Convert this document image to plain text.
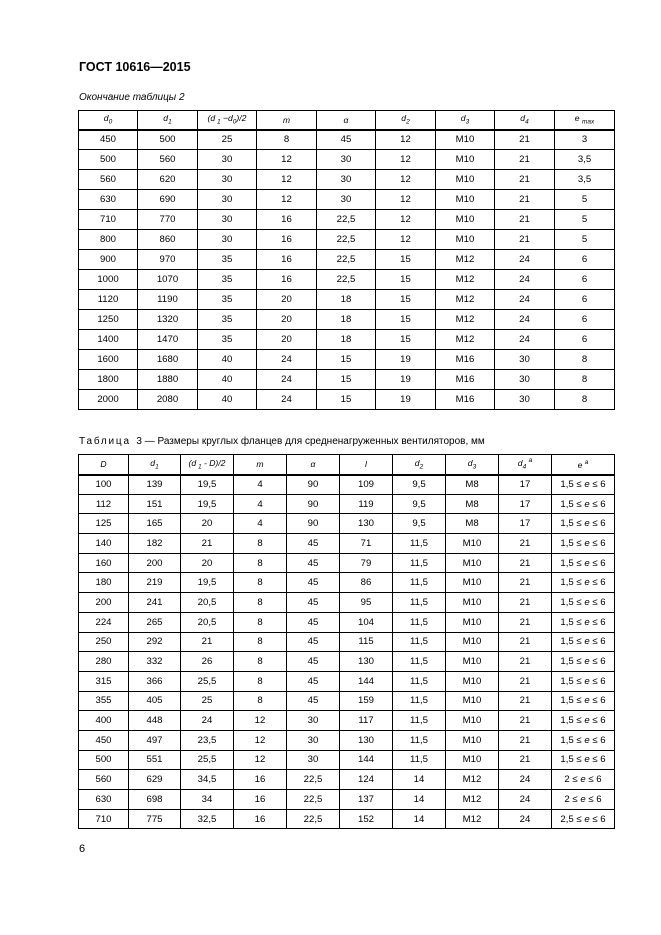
ГОСТ 10616—2015
Окончание таблицы 2
$d_0$	$d_1$	(d $_1 -d_0)/2$	m	α	$d_2$	$d_3$	$d_4$	e $_{max}$
450	500	25	8	45	12	M10	21	3
500	560	30	12	30	12	M10	21	3,5
560	620	30	12	30	12	M10	21	3,5
630	690	30	12	30	12	M10	21	5
710	770	30	16	22,5	12	M10	21	5
800	860	30	16	22,5	12	M10	21	5
900	970	35	16	22,5	15	M12	24	6
1000	1070	35	16	22,5	15	M12	24	6
1120	1190	35	20	18	15	M12	24	6
1250	1320	35	20	18	15	M12	24	6
1400	1470	35	20	18	15	M12	24	6
1600	1680	40	24	15	19	M16	30	8
1800	1880	40	24	15	19	M16	30	8
2000	2080	40	24	15	19	M16	30	8
Таблица 3 — Размеры круглых фланцев для средненагруженных вентиляторов, мм
D	$d_1$	(d $_1$ - D)/2	m	α	l	$d_2$	$d_3$	$d_4$ $^a$	e $^a$
100	139	19,5	4	90	109	9,5	M8	17	1,5 ≤ e ≤ 6
112	151	19,5	4	90	119	9,5	M8	17	1,5 ≤ e ≤ 6
125	165	20	4	90	130	9,5	M8	17	1,5 ≤ e ≤ 6
140	182	21	8	45	71	11,5	M10	21	1,5 ≤ e ≤ 6
160	200	20	8	45	79	11,5	M10	21	1,5 ≤ e ≤ 6
180	219	19,5	8	45	86	11,5	M10	21	1,5 ≤ e ≤ 6
200	241	20,5	8	45	95	11,5	M10	21	1,5 ≤ e ≤ 6
224	265	20,5	8	45	104	11,5	M10	21	1,5 ≤ e ≤ 6
250	292	21	8	45	115	11,5	M10	21	1,5 ≤ e ≤ 6
280	332	26	8	45	130	11,5	M10	21	1,5 ≤ e ≤ 6
315	366	25,5	8	45	144	11,5	M10	21	1,5 ≤ e ≤ 6
355	405	25	8	45	159	11,5	M10	21	1,5 ≤ e ≤ 6
400	448	24	12	30	117	11,5	M10	21	1,5 ≤ e ≤ 6
450	497	23,5	12	30	130	11,5	M10	21	1,5 ≤ e ≤ 6
500	551	25,5	12	30	144	11,5	M10	21	1,5 ≤ e ≤ 6
560	629	34,5	16	22,5	124	14	M12	24	2 ≤ e ≤ 6
630	698	34	16	22,5	137	14	M12	24	2 ≤ e ≤ 6
710	775	32,5	16	22,5	152	14	M12	24	2,5 ≤ e ≤ 6
6
